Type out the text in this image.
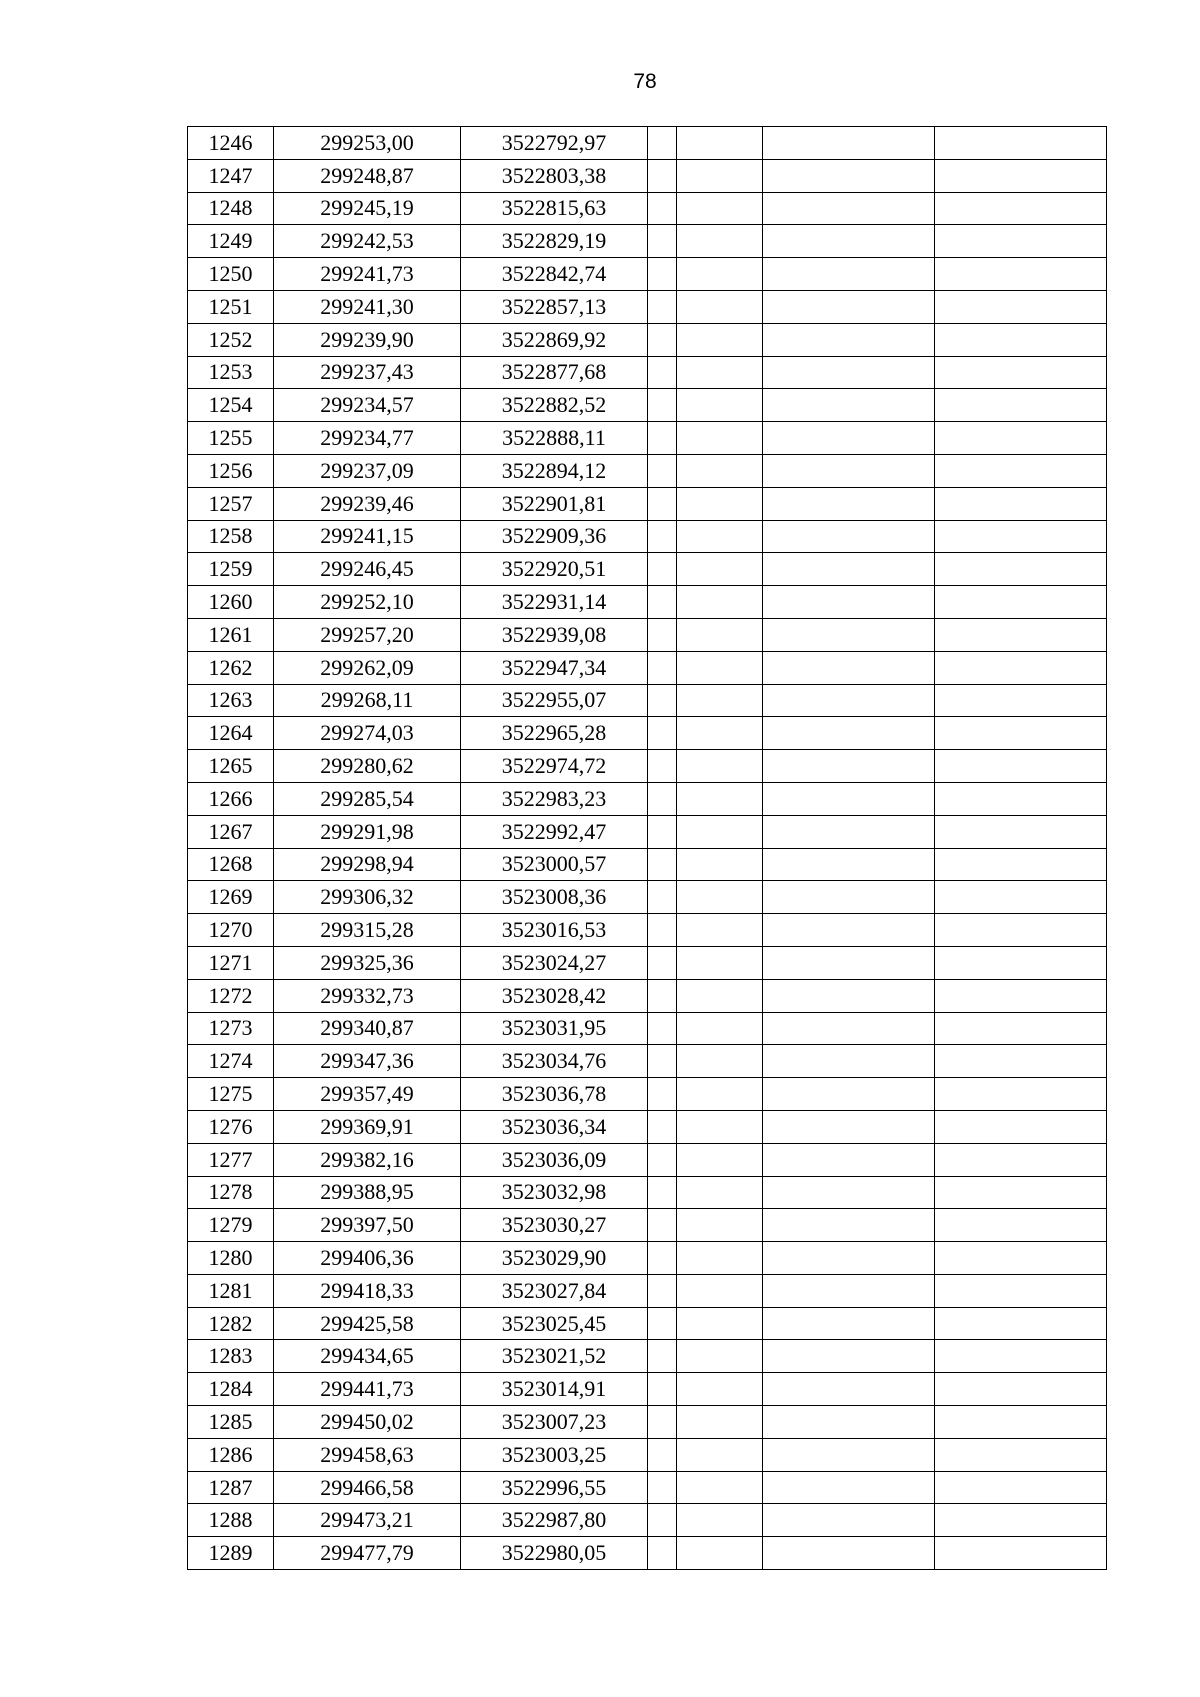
78
1246	299253,00	3522792,97				
1247	299248,87	3522803,38				
1248	299245,19	3522815,63				
1249	299242,53	3522829,19				
1250	299241,73	3522842,74				
1251	299241,30	3522857,13				
1252	299239,90	3522869,92				
1253	299237,43	3522877,68				
1254	299234,57	3522882,52				
1255	299234,77	3522888,11				
1256	299237,09	3522894,12				
1257	299239,46	3522901,81				
1258	299241,15	3522909,36				
1259	299246,45	3522920,51				
1260	299252,10	3522931,14				
1261	299257,20	3522939,08				
1262	299262,09	3522947,34				
1263	299268,11	3522955,07				
1264	299274,03	3522965,28				
1265	299280,62	3522974,72				
1266	299285,54	3522983,23				
1267	299291,98	3522992,47				
1268	299298,94	3523000,57				
1269	299306,32	3523008,36				
1270	299315,28	3523016,53				
1271	299325,36	3523024,27				
1272	299332,73	3523028,42				
1273	299340,87	3523031,95				
1274	299347,36	3523034,76				
1275	299357,49	3523036,78				
1276	299369,91	3523036,34				
1277	299382,16	3523036,09				
1278	299388,95	3523032,98				
1279	299397,50	3523030,27				
1280	299406,36	3523029,90				
1281	299418,33	3523027,84				
1282	299425,58	3523025,45				
1283	299434,65	3523021,52				
1284	299441,73	3523014,91				
1285	299450,02	3523007,23				
1286	299458,63	3523003,25				
1287	299466,58	3522996,55				
1288	299473,21	3522987,80				
1289	299477,79	3522980,05				
